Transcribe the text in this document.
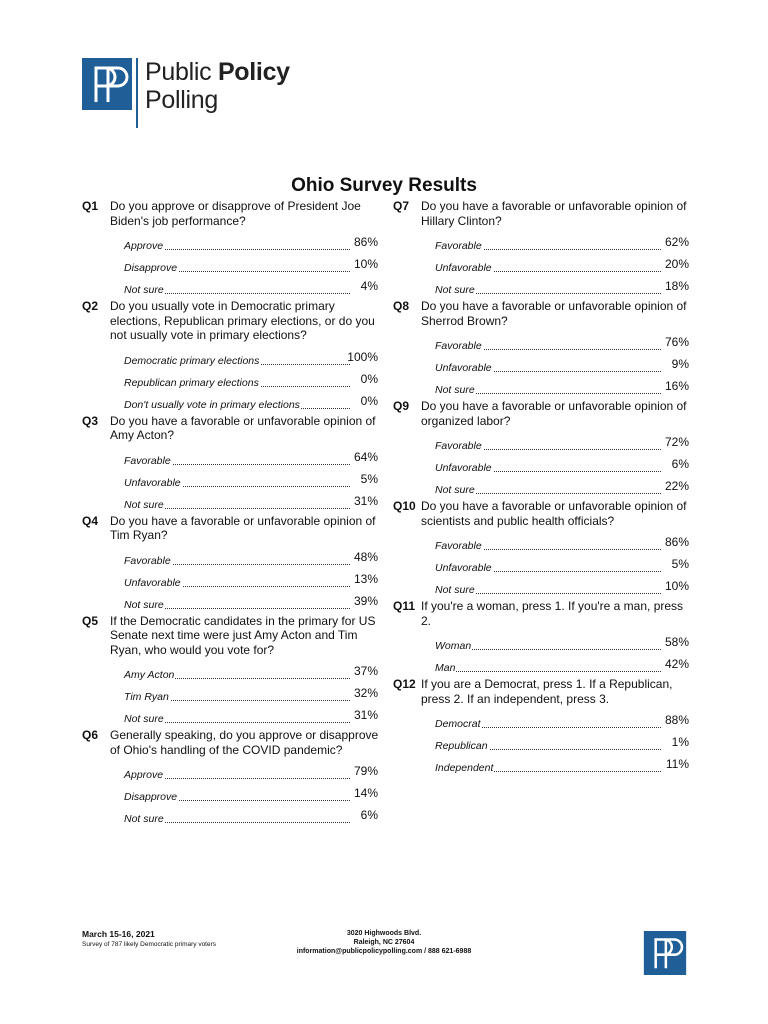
Public Policy
Polling
Ohio Survey Results
Q1 Do you approve or disapprove of President Joe Biden's job performance?
Approve	86%
Disapprove	10%
Not sure	4%
Q2 Do you usually vote in Democratic primary elections, Republican primary elections, or do you not usually vote in primary elections?
Democratic primary elections	100%
Republican primary elections	0%
Don't usually vote in primary elections	0%
Q3 Do you have a favorable or unfavorable opinion of Amy Acton?
Favorable	64%
Unfavorable	5%
Not sure	31%
Q4 Do you have a favorable or unfavorable opinion of Tim Ryan?
Favorable	48%
Unfavorable	13%
Not sure	39%
Q5 If the Democratic candidates in the primary for US Senate next time were just Amy Acton and Tim Ryan, who would you vote for?
Amy Acton	37%
Tim Ryan	32%
Not sure	31%
Q6 Generally speaking, do you approve or disapprove of Ohio's handling of the COVID pandemic?
Approve	79%
Disapprove	14%
Not sure	6%
Q7 Do you have a favorable or unfavorable opinion of Hillary Clinton?
Favorable	62%
Unfavorable	20%
Not sure	18%
Q8 Do you have a favorable or unfavorable opinion of Sherrod Brown?
Favorable	76%
Unfavorable	9%
Not sure	16%
Q9 Do you have a favorable or unfavorable opinion of organized labor?
Favorable	72%
Unfavorable	6%
Not sure	22%
Q10 Do you have a favorable or unfavorable opinion of scientists and public health officials?
Favorable	86%
Unfavorable	5%
Not sure	10%
Q11 If you're a woman, press 1. If you're a man, press 2.
Woman	58%
Man	42%
Q12 If you are a Democrat, press 1. If a Republican, press 2. If an independent, press 3.
Democrat	88%
Republican	1%
Independent	11%
March 15-16, 2021
Survey of 787 likely Democratic primary voters
3020 Highwoods Blvd.
Raleigh, NC 27604
information@publicpolicypolling.com / 888 621-6988
